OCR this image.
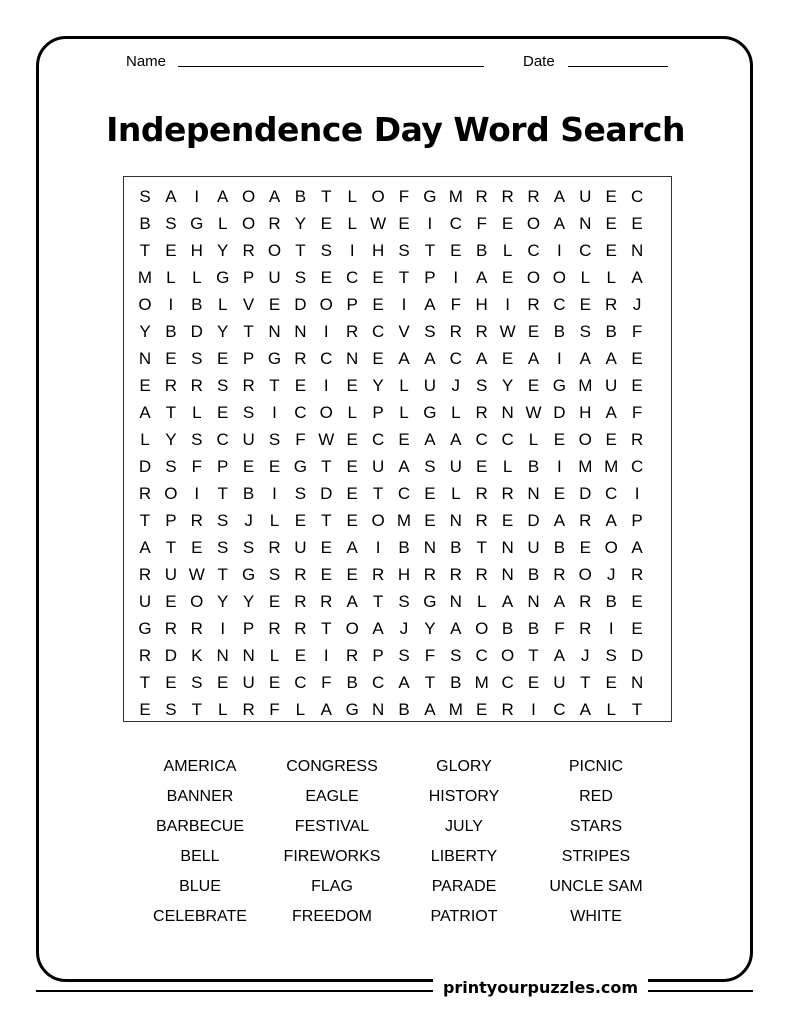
Name	Date
Independence Day Word Search
S A	I	A O A B T L O F G M R R R A U E C
B S G L O R Y E L W E	I	C F E O A N E E
T E H Y R O T S	I	H S T E B L C	I	C E N
M L L G P U S E C E T P	I	A E O O L L A
O I	B L V E D O P E	I	A F H	I	R C E R J
Y B D Y T N N	I	R C V S R R W E B S B F
N E S E P G R C N E A A C A E A	I	A A E
E R R S R T E	I	E Y L U J S Y E G M U E
A T L E S	I	C O L P L G L R N W D H A F
L Y S C U S F W E C E A A C C L E O E R
D S F P E E G T E U A S U E L B	I M M C
R O I	T B	I	S D E T C E L R R N E D C	I
T P R S J L E T E O M E N R E D A R A P
A T E S S R U E A	I	B N B T N U B E O A
R U W T G S R E E R H R R R N B R O J R
U E O Y Y E R R A T S G N L A N A R B E
G R R	I	P R R T O A J Y A O B B F R	I	E
R D K N N L E	I	R P S F S C O T A J S D
T E S E U E C F B C A T B M C E U T E N
E S T L R F L A G N B A M E R	I	C A L T
AMERICA
BANNER
BARBECUE
BELL
BLUE
CELEBRATE
CONGRESS
EAGLE
FESTIVAL
FIREWORKS
FLAG
FREEDOM
GLORY
HISTORY
JULY
LIBERTY
PARADE
PATRIOT
PICNIC
RED
STARS
STRIPES
UNCLE SAM
WHITE
printyourpuzzles.com
